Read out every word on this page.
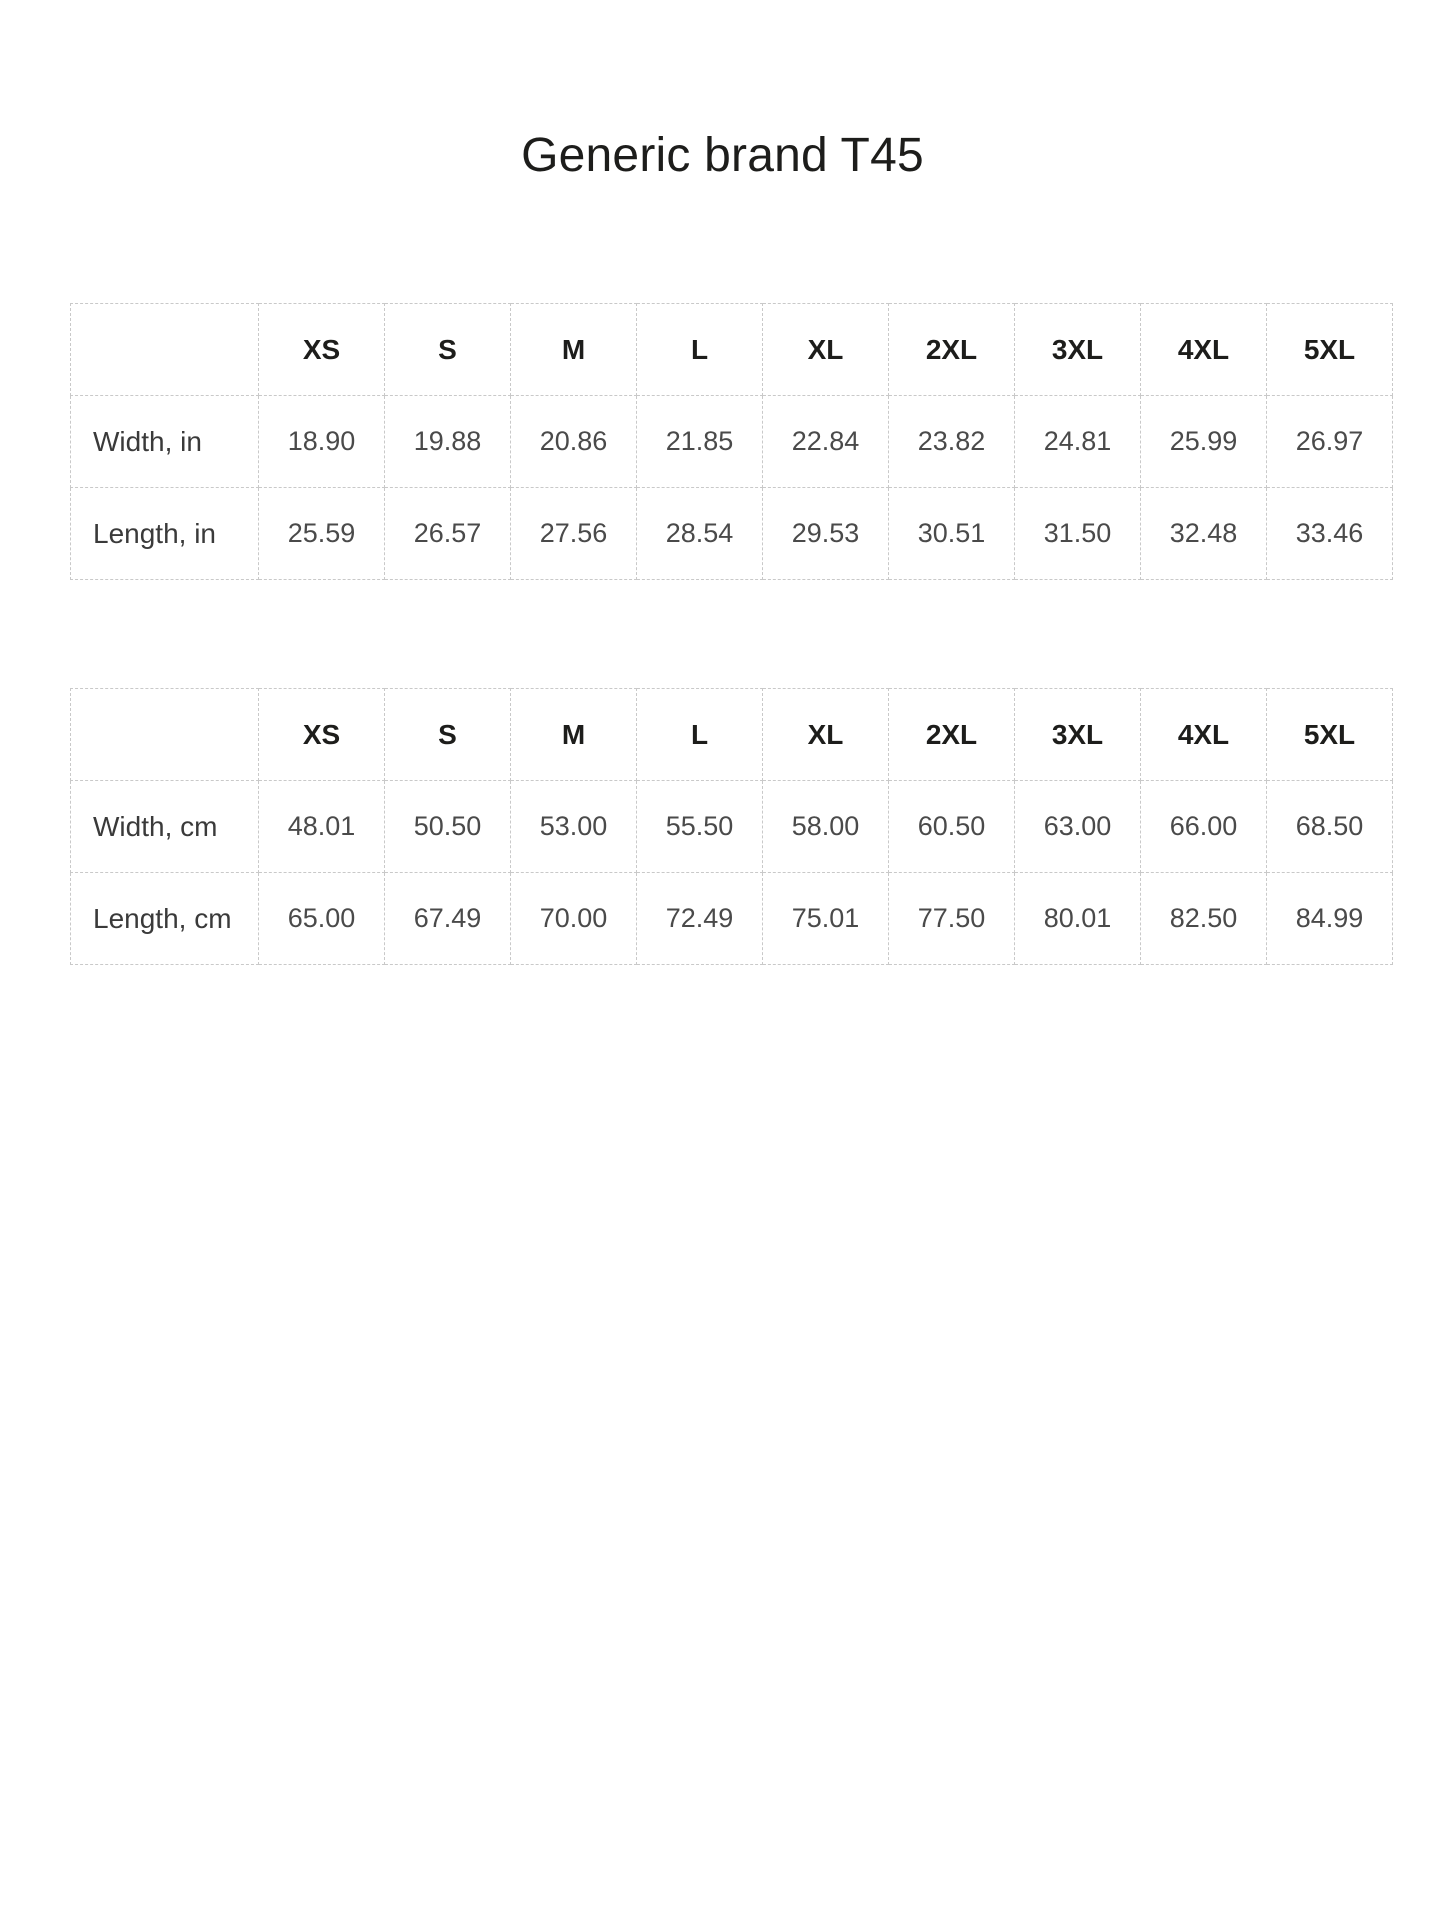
Generic brand T45
	XS	S	M	L	XL	2XL	3XL	4XL	5XL
Width, in	18.90	19.88	20.86	21.85	22.84	23.82	24.81	25.99	26.97
Length, in	25.59	26.57	27.56	28.54	29.53	30.51	31.50	32.48	33.46
	XS	S	M	L	XL	2XL	3XL	4XL	5XL
Width, cm	48.01	50.50	53.00	55.50	58.00	60.50	63.00	66.00	68.50
Length, cm	65.00	67.49	70.00	72.49	75.01	77.50	80.01	82.50	84.99
